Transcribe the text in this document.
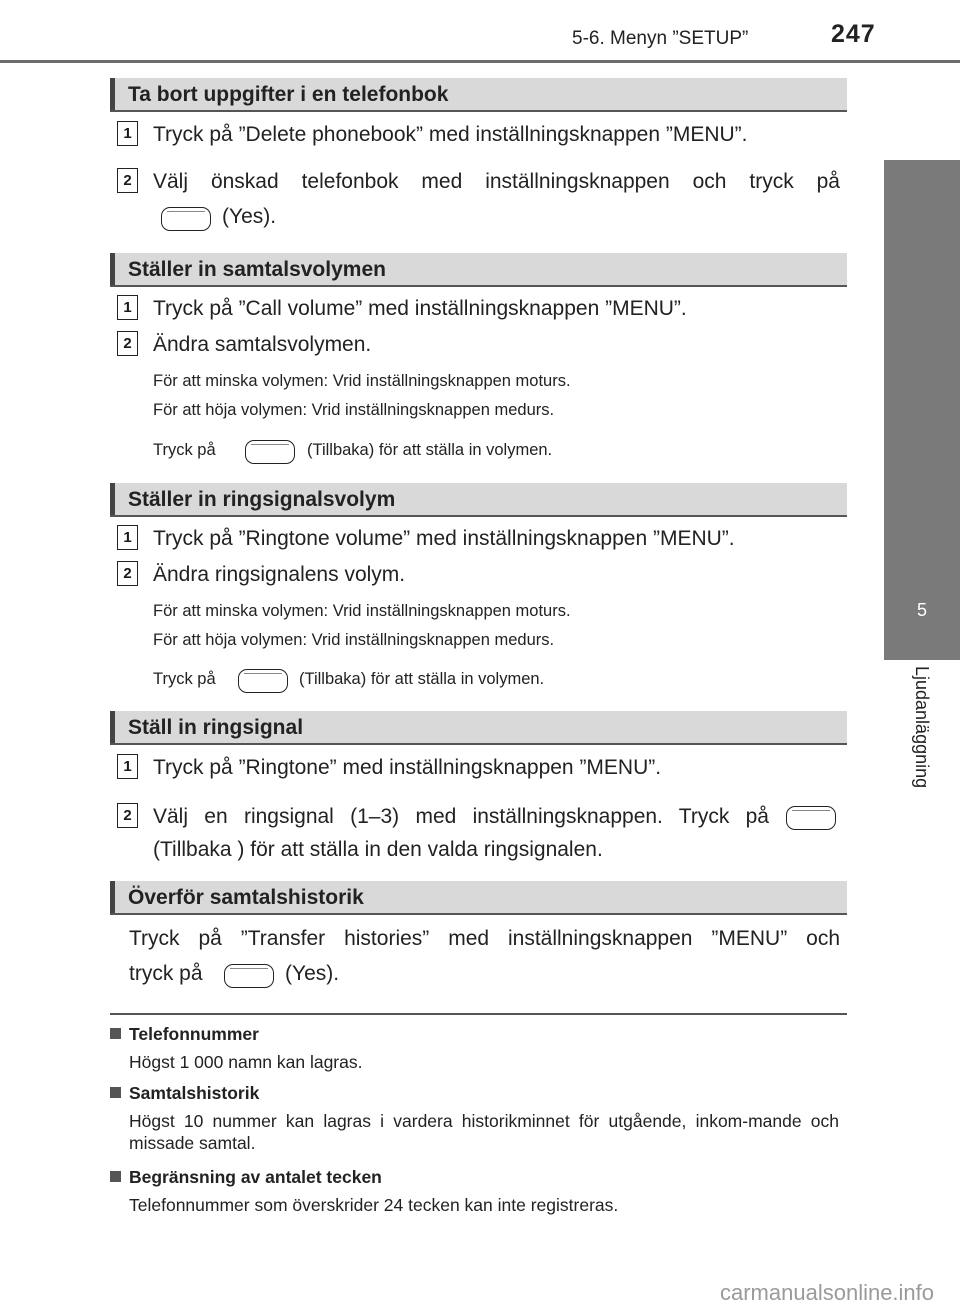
5-6. Menyn ”SETUP”	247
5
Ljudanläggning
Ta bort uppgifter i en telefonbok
1	Tryck på ”Delete phonebook” med inställningsknappen ”MENU”.
2	Välj önskad telefonbok med inställningsknappen och tryck på
(Yes).
Ställer in samtalsvolymen
1	Tryck på ”Call volume” med inställningsknappen ”MENU”.
2	Ändra samtalsvolymen.
För att minska volymen: Vrid inställningsknappen moturs.
För att höja volymen: Vrid inställningsknappen medurs.
Tryck på	(Tillbaka) för att ställa in volymen.
Ställer in ringsignalsvolym
1	Tryck på ”Ringtone volume” med inställningsknappen ”MENU”.
2	Ändra ringsignalens volym.
För att minska volymen: Vrid inställningsknappen moturs.
För att höja volymen: Vrid inställningsknappen medurs.
Tryck på	(Tillbaka) för att ställa in volymen.
Ställ in ringsignal
1	Tryck på ”Ringtone” med inställningsknappen ”MENU”.
2	Välj en ringsignal (1–3) med inställningsknappen. Tryck på
(Tillbaka ) för att ställa in den valda ringsignalen.
Överför samtalshistorik
Tryck på ”Transfer histories” med inställningsknappen ”MENU” och
tryck på	(Yes).
Telefonnummer
Högst 1 000 namn kan lagras.
Samtalshistorik
Högst 10 nummer kan lagras i vardera historikminnet för utgående, inkom-mande och missade samtal.
Begränsning av antalet tecken
Telefonnummer som överskrider 24 tecken kan inte registreras.
carmanualsonline.info
